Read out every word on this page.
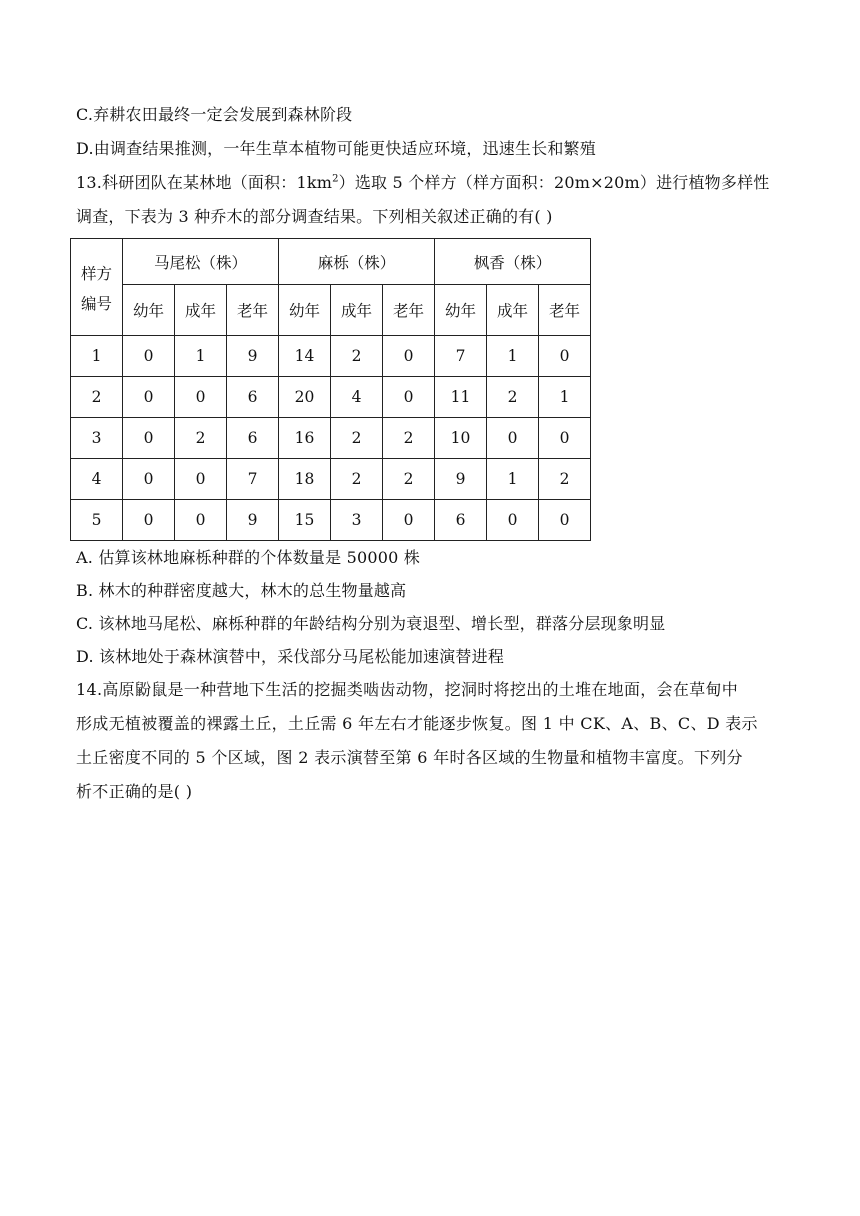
C.弃耕农田最终一定会发展到森林阶段
D.由调查结果推测，一年生草本植物可能更快适应环境，迅速生长和繁殖
13.科研团队在某林地（面积：$1km^2$）选取 5 个样方（样方面积：20m×20m）进行植物多样性
调查，下表为 3 种乔木的部分调查结果。下列相关叙述正确的有( )
样方
编号	马尾松（株）			麻栎（株）			枫香（株）		
	幼年	成年	老年	幼年	成年	老年	幼年	成年	老年
1	0	1	9	14	2	0	7	1	0
2	0	0	6	20	4	0	11	2	1
3	0	2	6	16	2	2	10	0	0
4	0	0	7	18	2	2	9	1	2
5	0	0	9	15	3	0	6	0	0
A. 估算该林地麻栎种群的个体数量是 50000 株
B. 林木的种群密度越大，林木的总生物量越高
C. 该林地马尾松、麻栎种群的年龄结构分别为衰退型、增长型，群落分层现象明显
D. 该林地处于森林演替中，采伐部分马尾松能加速演替进程
14.高原鼢鼠是一种营地下生活的挖掘类啮齿动物，挖洞时将挖出的土堆在地面，会在草甸中
形成无植被覆盖的裸露土丘，土丘需 6 年左右才能逐步恢复。图 1 中 CK、A、B、C、D 表示
土丘密度不同的 5 个区域，图 2 表示演替至第 6 年时各区域的生物量和植物丰富度。下列分
析不正确的是( )
